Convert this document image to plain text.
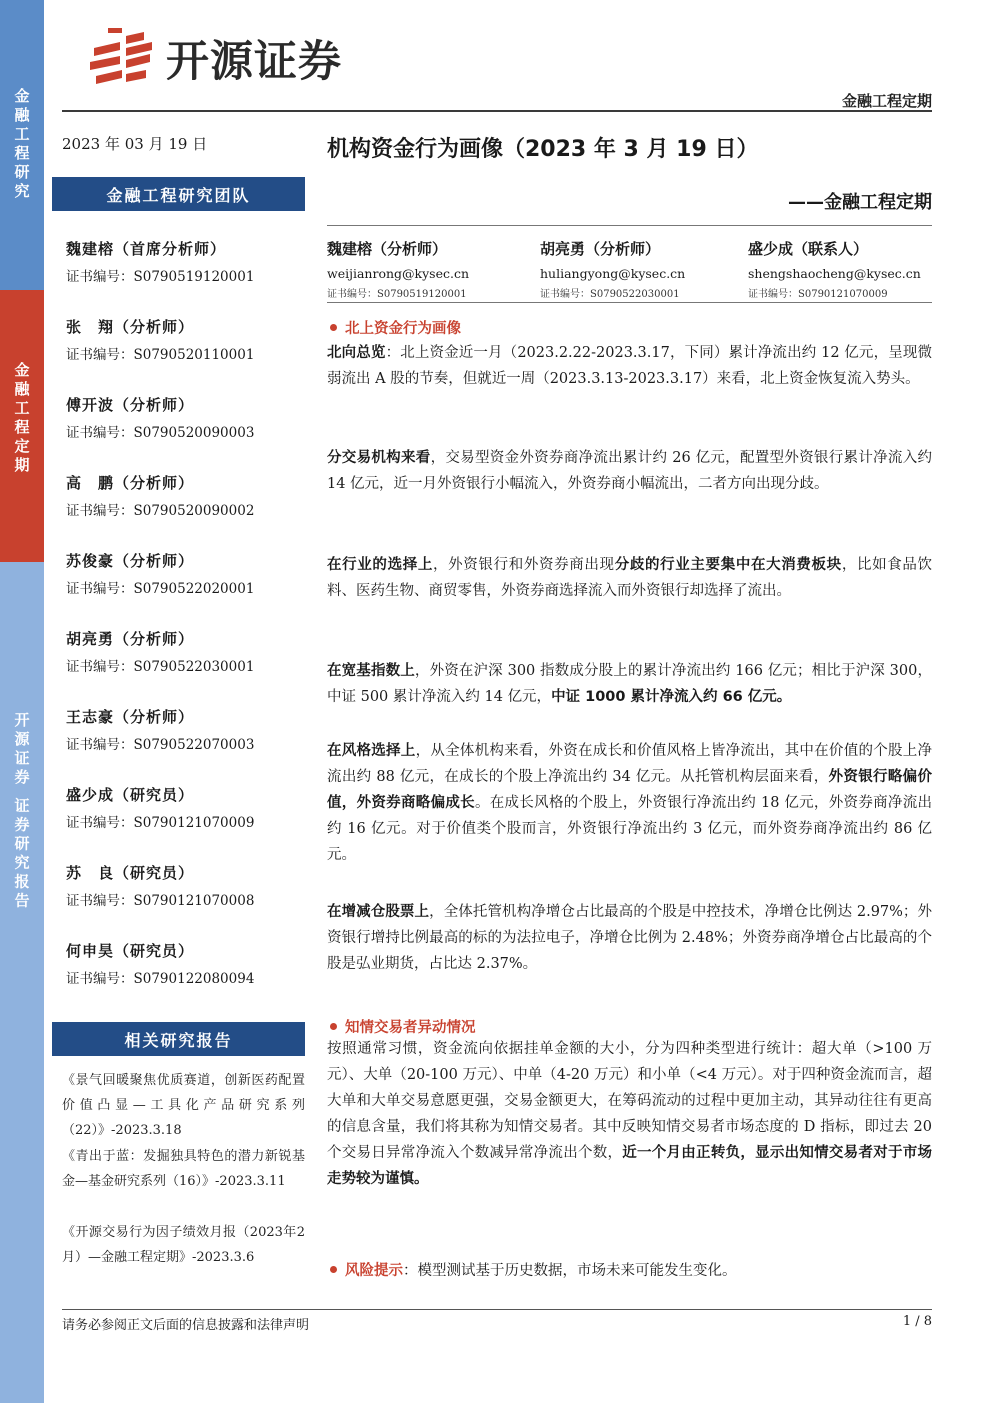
金融工程研究
金融工程定期
开源证券 证券研究报告
开源证券
金融工程定期
2023 年 03 月 19 日
金融工程研究团队
魏建榕（首席分析师）
证书编号：S0790519120001
张　翔（分析师）
证书编号：S0790520110001
傅开波（分析师）
证书编号：S0790520090003
高　鹏（分析师）
证书编号：S0790520090002
苏俊豪（分析师）
证书编号：S0790522020001
胡亮勇（分析师）
证书编号：S0790522030001
王志豪（分析师）
证书编号：S0790522070003
盛少成（研究员）
证书编号：S0790121070009
苏　良（研究员）
证书编号：S0790121070008
何申昊（研究员）
证书编号：S0790122080094
相关研究报告
《景气回暖聚焦优质赛道，创新医药配置价值凸显—工具化产品研究系列（22）》-2023.3.18
《青出于蓝：发掘独具特色的潜力新锐基金—基金研究系列（16）》-2023.3.11
《开源交易行为因子绩效月报（2023年2月）—金融工程定期》-2023.3.6
机构资金行为画像（2023 年 3 月 19 日）
——金融工程定期
魏建榕（分析师）
weijianrong@kysec.cn
证书编号：S0790519120001
胡亮勇（分析师）
huliangyong@kysec.cn
证书编号：S0790522030001
盛少成（联系人）
shengshaocheng@kysec.cn
证书编号：S0790121070009
北上资金行为画像
北向总览：北上资金近一月（2023.2.22-2023.3.17，下同）累计净流出约 12 亿元，呈现微弱流出 A 股的节奏，但就近一周（2023.3.13-2023.3.17）来看，北上资金恢复流入势头。
分交易机构来看，交易型资金外资券商净流出累计约 26 亿元，配置型外资银行累计净流入约 14 亿元，近一月外资银行小幅流入，外资券商小幅流出，二者方向出现分歧。
在行业的选择上，外资银行和外资券商出现分歧的行业主要集中在大消费板块，比如食品饮料、医药生物、商贸零售，外资券商选择流入而外资银行却选择了流出。
在宽基指数上，外资在沪深 300 指数成分股上的累计净流出约 166 亿元；相比于沪深 300，中证 500 累计净流入约 14 亿元，中证 1000 累计净流入约 66 亿元。
在风格选择上，从全体机构来看，外资在成长和价值风格上皆净流出，其中在价值的个股上净流出约 88 亿元，在成长的个股上净流出约 34 亿元。从托管机构层面来看，外资银行略偏价值，外资券商略偏成长。在成长风格的个股上，外资银行净流出约 18 亿元，外资券商净流出约 16 亿元。对于价值类个股而言，外资银行净流出约 3 亿元，而外资券商净流出约 86 亿元。
在增减仓股票上，全体托管机构净增仓占比最高的个股是中控技术，净增仓比例达 2.97%；外资银行增持比例最高的标的为法拉电子，净增仓比例为 2.48%；外资券商净增仓占比最高的个股是弘业期货，占比达 2.37%。
知情交易者异动情况
按照通常习惯，资金流向依据挂单金额的大小，分为四种类型进行统计：超大单（>100 万元）、大单（20-100 万元）、中单（4-20 万元）和小单（<4 万元）。对于四种资金流而言，超大单和大单交易意愿更强，交易金额更大，在筹码流动的过程中更加主动，其异动往往有更高的信息含量，我们将其称为知情交易者。其中反映知情交易者市场态度的 D 指标，即过去 20 个交易日异常净流入个数减异常净流出个数，近一个月由正转负，显示出知情交易者对于市场走势较为谨慎。
风险提示：模型测试基于历史数据，市场未来可能发生变化。
请务必参阅正文后面的信息披露和法律声明	1 / 8
